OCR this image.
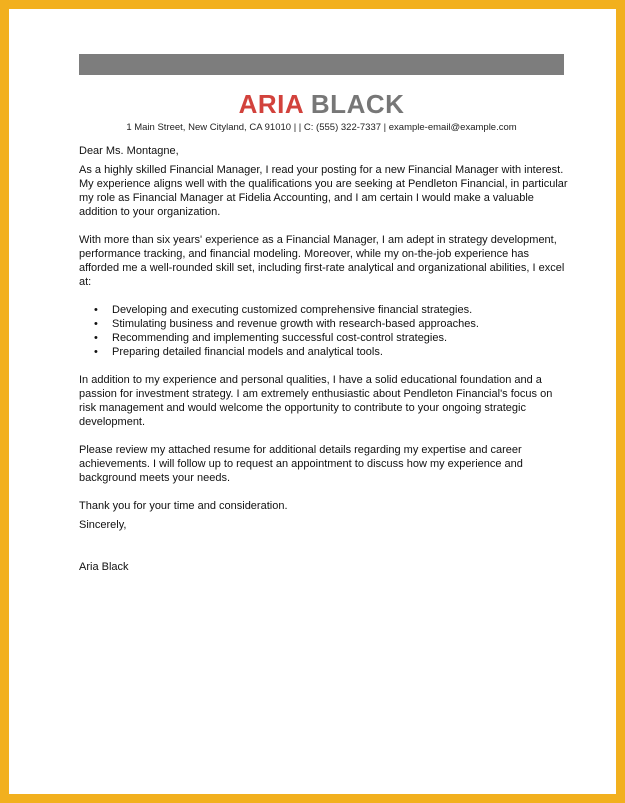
ARIA BLACK
1 Main Street, New Cityland, CA 91010 | | C: (555) 322-7337 | example-email@example.com

Dear Ms. Montagne,

As a highly skilled Financial Manager, I read your posting for a new Financial Manager with interest. My experience aligns well with the qualifications you are seeking at Pendleton Financial, in particular my role as Financial Manager at Fidelia Accounting, and I am certain I would make a valuable addition to your organization.

With more than six years' experience as a Financial Manager, I am adept in strategy development, performance tracking, and financial modeling. Moreover, while my on-the-job experience has afforded me a well-rounded skill set, including first-rate analytical and organizational abilities, I excel at:

• Developing and executing customized comprehensive financial strategies.
• Stimulating business and revenue growth with research-based approaches.
• Recommending and implementing successful cost-control strategies.
• Preparing detailed financial models and analytical tools.

In addition to my experience and personal qualities, I have a solid educational foundation and a passion for investment strategy. I am extremely enthusiastic about Pendleton Financial's focus on risk management and would welcome the opportunity to contribute to your ongoing strategic development.

Please review my attached resume for additional details regarding my expertise and career achievements. I will follow up to request an appointment to discuss how my experience and background meets your needs.

Thank you for your time and consideration.

Sincerely,

Aria Black
